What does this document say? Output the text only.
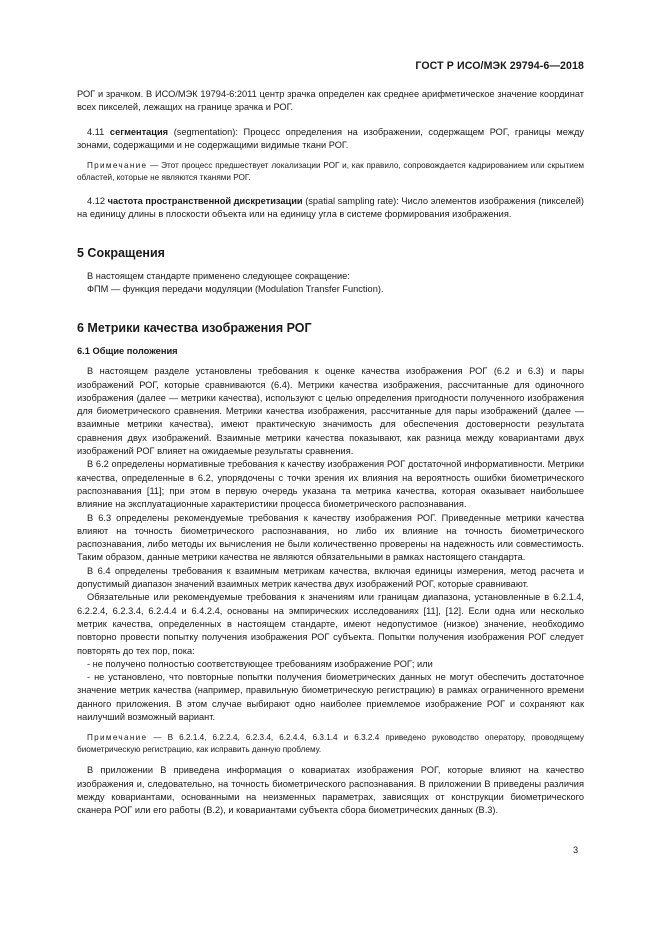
ГОСТ Р ИСО/МЭК 29794-6—2018

РОГ и зрачком. В ИСО/МЭК 19794-6:2011 центр зрачка определен как среднее арифметическое значение координат всех пикселей, лежащих на границе зрачка и РОГ.

4.11 сегментация (segmentation): Процесс определения на изображении, содержащем РОГ, границы между зонами, содержащими и не содержащими видимые ткани РОГ.

Примечание — Этот процесс предшествует локализации РОГ и, как правило, сопровождается кадрированием или скрытием областей, которые не являются тканями РОГ.

4.12 частота пространственной дискретизации (spatial sampling rate): Число элементов изображения (пикселей) на единицу длины в плоскости объекта или на единицу угла в системе формирования изображения.

5 Сокращения

В настоящем стандарте применено следующее сокращение:

ФПМ — функция передачи модуляции (Modulation Transfer Function).

6 Метрики качества изображения РОГ
6.1 Общие положения

В настоящем разделе установлены требования к оценке качества изображения РОГ (6.2 и 6.3) и пары изображений РОГ, которые сравниваются (6.4). Метрики качества изображения, рассчитанные для одиночного изображения (далее — метрики качества), используют с целью определения пригодности полученного изображения для биометрического сравнения. Метрики качества изображения, рассчитанные для пары изображений (далее — взаимные метрики качества), имеют практическую значимость для обеспечения достоверности результата сравнения двух изображений. Взаимные метрики качества показывают, как разница между ковариантами двух изображений РОГ влияет на ожидаемые результаты сравнения.

В 6.2 определены нормативные требования к качеству изображения РОГ достаточной информативности. Метрики качества, определенные в 6.2, упорядочены с точки зрения их влияния на вероятность ошибки биометрического распознавания [11]; при этом в первую очередь указана та метрика качества, которая оказывает наибольшее влияние на эксплуатационные характеристики процесса биометрического распознавания.

В 6.3 определены рекомендуемые требования к качеству изображения РОГ. Приведенные метрики качества влияют на точность биометрического распознавания, но либо их влияние на точность биометрического распознавания, либо методы их вычисления не были количественно проверены на надежность или совместимость. Таким образом, данные метрики качества не являются обязательными в рамках настоящего стандарта.

В 6.4 определены требования к взаимным метрикам качества, включая единицы измерения, метод расчета и допустимый диапазон значений взаимных метрик качества двух изображений РОГ, которые сравнивают.

Обязательные или рекомендуемые требования к значениям или границам диапазона, установленные в 6.2.1.4, 6.2.2.4, 6.2.3.4, 6.2.4.4 и 6.4.2.4, основаны на эмпирических исследованиях [11], [12]. Если одна или несколько метрик качества, определенных в настоящем стандарте, имеют недопустимое (низкое) значение, необходимо повторно провести попытку получения изображения РОГ субъекта. Попытки получения изображения РОГ следует повторять до тех пор, пока:

- не получено полностью соответствующее требованиям изображение РОГ; или

- не установлено, что повторные попытки получения биометрических данных не могут обеспечить достаточное значение метрик качества (например, правильную биометрическую регистрацию) в рамках ограниченного времени данного приложения. В этом случае выбирают одно наиболее приемлемое изображение РОГ и сохраняют как наилучший возможный вариант.

Примечание — В 6.2.1.4, 6.2.2.4, 6.2.3.4, 6.2.4.4, 6.3.1.4 и 6.3.2.4 приведено руководство оператору, проводящему биометрическую регистрацию, как исправить данную проблему.

В приложении В приведена информация о ковариатах изображения РОГ, которые влияют на качество изображения и, следовательно, на точность биометрического распознавания. В приложении В приведены различия между ковариантами, основанными на неизменных параметрах, зависящих от конструкции биометрического сканера РОГ или его работы (В.2), и ковариантами субъекта сбора биометрических данных (В.3).

3
